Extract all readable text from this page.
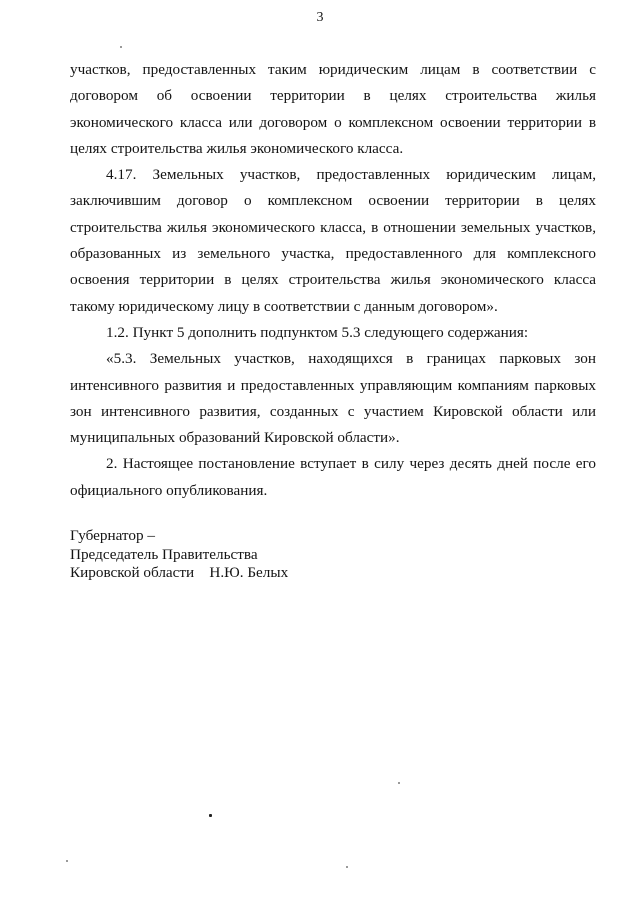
3

участков, предоставленных таким юридическим лицам в соответствии с договором об освоении территории в целях строительства жилья экономического класса или договором о комплексном освоении территории в целях строительства жилья экономического класса.

4.17. Земельных участков, предоставленных юридическим лицам, заключившим договор о комплексном освоении территории в целях строительства жилья экономического класса, в отношении земельных участков, образованных из земельного участка, предоставленного для комплексного освоения территории в целях строительства жилья экономического класса такому юридическому лицу в соответствии с данным договором».

1.2. Пункт 5 дополнить подпунктом 5.3 следующего содержания:

«5.3. Земельных участков, находящихся в границах парковых зон интенсивного развития и предоставленных управляющим компаниям парковых зон интенсивного развития, созданных с участием Кировской области или муниципальных образований Кировской области».

2. Настоящее постановление вступает в силу через десять дней после его официального опубликования.

Губернатор –
Председатель Правительства
Кировской области Н.Ю. Белых
